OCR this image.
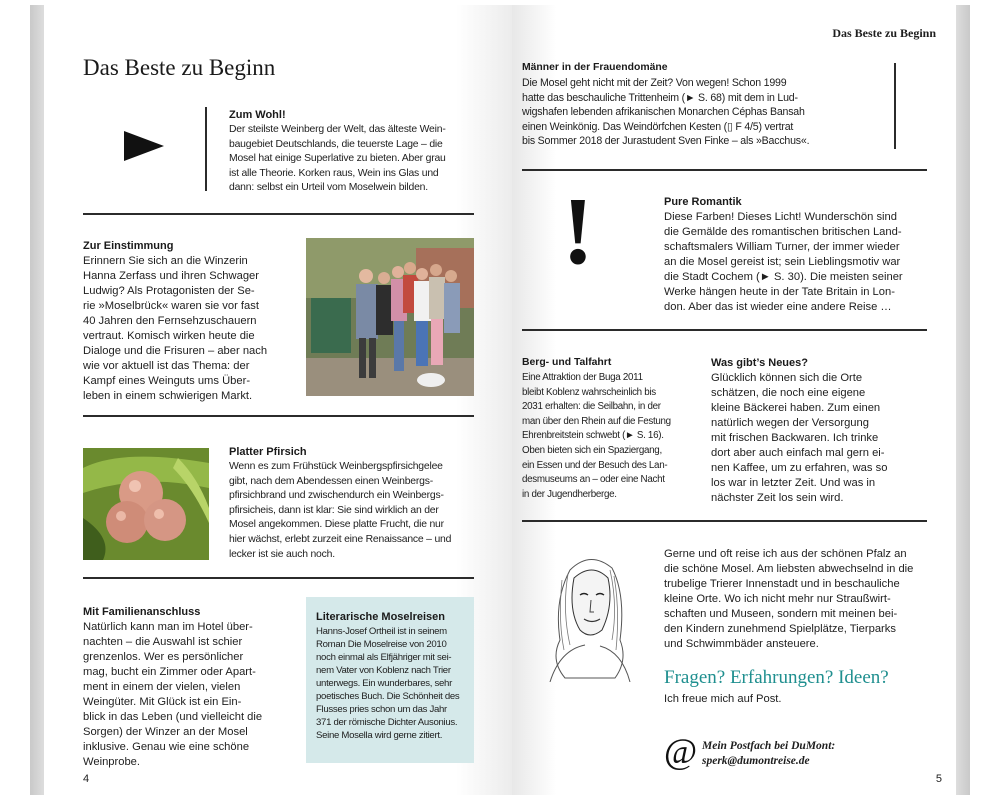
Das Beste zu Beginn
Zum Wohl!
Der steilste Weinberg der Welt, das älteste Wein-
baugebiet Deutschlands, die teuerste Lage – die
Mosel hat einige Superlative zu bieten. Aber grau
ist alle Theorie. Korken raus, Wein ins Glas und
dann: selbst ein Urteil vom Moselwein bilden.
Zur Einstimmung
Erinnern Sie sich an die Winzerin
Hanna Zerfass und ihren Schwager
Ludwig? Als Protagonisten der Se-
rie »Moselbrück« waren sie vor fast
40 Jahren den Fernsehzuschauern
vertraut. Komisch wirken heute die
Dialoge und die Frisuren – aber nach
wie vor aktuell ist das Thema: der
Kampf eines Weinguts ums Über-
leben in einem schwierigen Markt.
Platter Pfirsich
Wenn es zum Frühstück Weinbergspfirsichgelee
gibt, nach dem Abendessen einen Weinbergs-
pfirsichbrand und zwischendurch ein Weinbergs-
pfirsicheis, dann ist klar: Sie sind wirklich an der
Mosel angekommen. Diese platte Frucht, die nur
hier wächst, erlebt zurzeit eine Renaissance – und
lecker ist sie auch noch.
Mit Familienanschluss
Natürlich kann man im Hotel über-
nachten – die Auswahl ist schier
grenzenlos. Wer es persönlicher
mag, bucht ein Zimmer oder Apart-
ment in einem der vielen, vielen
Weingüter. Mit Glück ist ein Ein-
blick in das Leben (und vielleicht die
Sorgen) der Winzer an der Mosel
inklusive. Genau wie eine schöne
Weinprobe.
Literarische Moselreisen
Hanns-Josef Ortheil ist in seinem
Roman Die Moselreise von 2010
noch einmal als Elfjähriger mit sei-
nem Vater von Koblenz nach Trier
unterwegs. Ein wunderbares, sehr
poetisches Buch. Die Schönheit des
Flusses pries schon um das Jahr
371 der römische Dichter Ausonius.
Seine Mosella wird gerne zitiert.
4
Das Beste zu Beginn
Männer in der Frauendomäne
Die Mosel geht nicht mit der Zeit? Von wegen! Schon 1999
hatte das beschauliche Trittenheim (► S. 68) mit dem in Lud-
wigshafen lebenden afrikanischen Monarchen Céphas Bansah
einen Weinkönig. Das Weindörfchen Kesten (▯ F 4/5) vertrat
bis Sommer 2018 der Jurastudent Sven Finke – als »Bacchus«.
!	Pure Romantik
Diese Farben! Dieses Licht! Wunderschön sind
die Gemälde des romantischen britischen Land-
schaftsmalers William Turner, der immer wieder
an die Mosel gereist ist; sein Lieblingsmotiv war
die Stadt Cochem (► S. 30). Die meisten seiner
Werke hängen heute in der Tate Britain in Lon-
don. Aber das ist wieder eine andere Reise …
Berg- und Talfahrt
Eine Attraktion der Buga 2011
bleibt Koblenz wahrscheinlich bis
2031 erhalten: die Seilbahn, in der
man über den Rhein auf die Festung
Ehrenbreitstein schwebt (► S. 16).
Oben bieten sich ein Spaziergang,
ein Essen und der Besuch des Lan-
desmuseums an – oder eine Nacht
in der Jugendherberge.
Was gibt’s Neues?
Glücklich können sich die Orte
schätzen, die noch eine eigene
kleine Bäckerei haben. Zum einen
natürlich wegen der Versorgung
mit frischen Backwaren. Ich trinke
dort aber auch einfach mal gern ei-
nen Kaffee, um zu erfahren, was so
los war in letzter Zeit. Und was in
nächster Zeit los sein wird.
Gerne und oft reise ich aus der schönen Pfalz an
die schöne Mosel. Am liebsten abwechselnd in die
trubelige Trierer Innenstadt und in beschauliche
kleine Orte. Wo ich nicht mehr nur Straußwirt-
schaften und Museen, sondern mit meinen bei-
den Kindern zunehmend Spielplätze, Tierparks
und Schwimmbäder ansteuere.
Fragen? Erfahrungen? Ideen?
Ich freue mich auf Post.
@ Mein Postfach bei DuMont:
sperk@dumontreise.de
5
